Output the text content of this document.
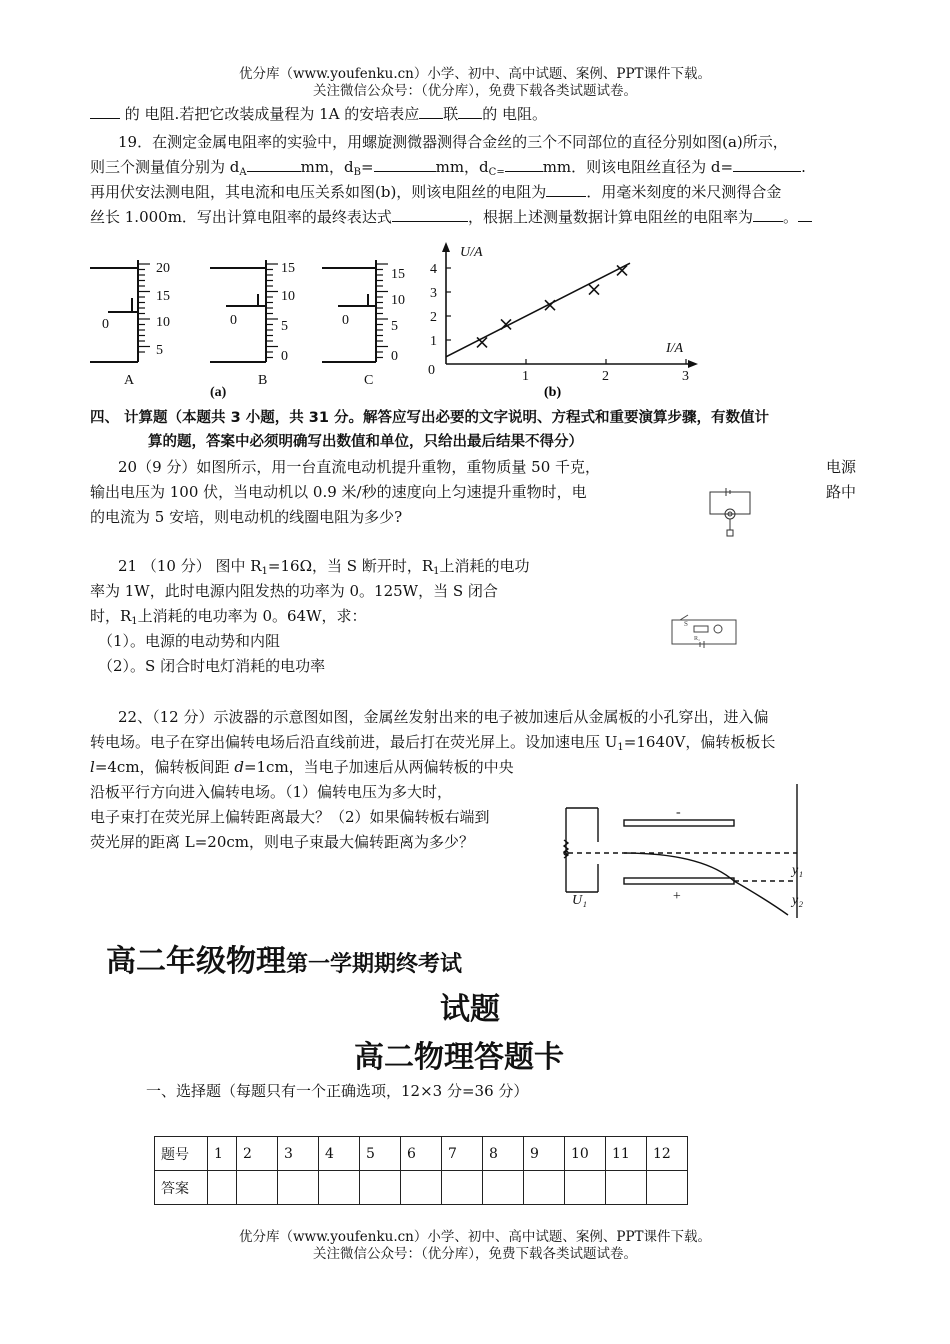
优分库（www.youfenku.cn）小学、初中、高中试题、案例、PPT课件下载。
关注微信公众号：（优分库），免费下载各类试题试卷。
的 电阻.若把它改装成量程为 1A 的安培表应 联 的 电阻。
19．在测定金属电阻率的实验中，用螺旋测微器测得合金丝的三个不同部位的直径分别如图(a)所示，
则三个测量值分别为 $d_A$	mm，$d_B=$	mm，$d_{C=}$	mm．则该电阻丝直径为 d=	.
再用伏安法测电阻，其电流和电压关系如图(b)，则该电阻丝的电阻为	．用毫米刻度的米尺测得合金
丝长 1.000m．写出计算电阻率的最终表达式	，根据上述测量数据计算电阻丝的电阻率为 。
20
15
10
5
0
15
10
5
0
0
15
10
5
0
0
A	B	C
(a)
U/A
I/A
4
3
2
1
0	1	2	3
(b)
四、 计算题（本题共 3 小题，共 31 分。解答应写出必要的文字说明、方程式和重要演算步骤，有数值计
算的题，答案中必须明确写出数值和单位，只给出最后结果不得分）
20（9 分）如图所示，用一台直流电动机提升重物，重物质量 50 千克，	电源
输出电压为 100 伏，当电动机以 0.9 米/秒的速度向上匀速提升重物时，电	路中
的电流为 5 安培，则电动机的线圈电阻为多少?
21 （10 分） 图中 $R_1=16\Omega$，当 S 断开时，$R_1$上消耗的电功
率为 1W，此时电源内阻发热的功率为 0。125W，当 S 闭合
时，$R_1$上消耗的电功率为 0。64W，求：
（1）。电源的电动势和内阻
（2）。S 闭合时电灯消耗的电功率
S
R₁
22、（12 分）示波器的示意图如图，金属丝发射出来的电子被加速后从金属板的小孔穿出，进入偏
转电场。电子在穿出偏转电场后沿直线前进，最后打在荧光屏上。设加速电压 $U_1=1640V$，偏转板板长
l=4cm，偏转板间距 d=1cm，当电子加速后从两偏转板的中央
沿板平行方向进入偏转电场。（1）偏转电压为多大时，
电子束打在荧光屏上偏转距离最大？（2）如果偏转板右端到
荧光屏的距离 L=20cm，则电子束最大偏转距离为多少？
-
+
U₁
y₁
y₂
高二年级物理第一学期期终考试
试题
高二物理答题卡
一、选择题（每题只有一个正确选项，12×3 分=36 分）
题号	1	2	3	4	5	6	7	8	9	10	11	12
答案												
优分库（www.youfenku.cn）小学、初中、高中试题、案例、PPT课件下载。
关注微信公众号：（优分库），免费下载各类试题试卷。
